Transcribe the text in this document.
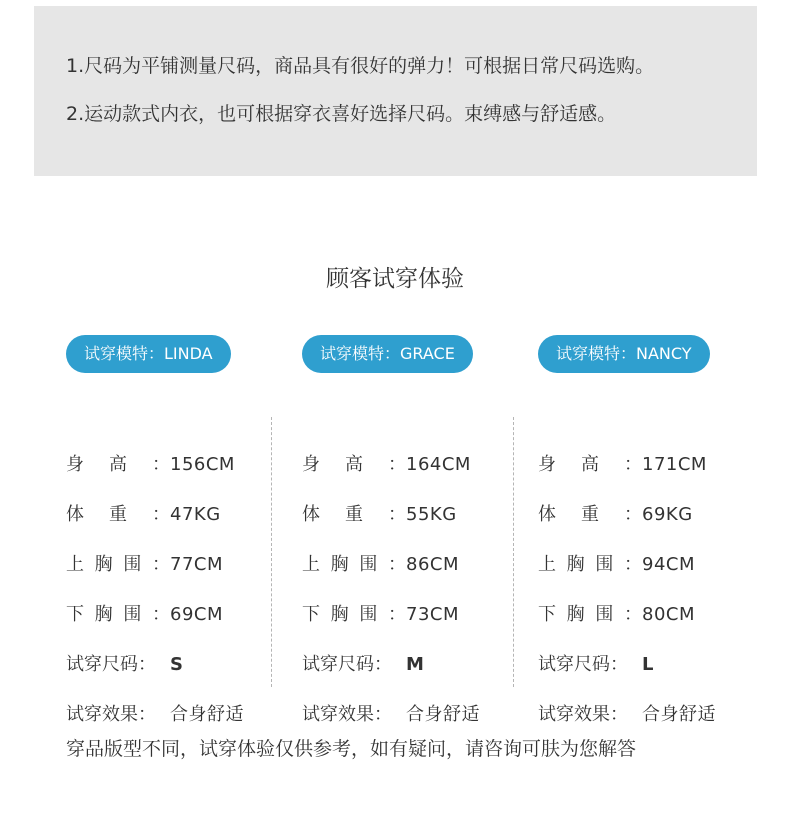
1.尺码为平铺测量尺码，商品具有很好的弹力！可根据日常尺码选购。
2.运动款式内衣，也可根据穿衣喜好选择尺码。束缚感与舒适感。
顾客试穿体验
试穿模特：LINDA
身高： 156CM
体重： 47KG
上胸围： 77CM
下胸围： 69CM
试穿尺码： S
试穿效果： 合身舒适
试穿模特：GRACE
身高： 164CM
体重： 55KG
上胸围： 86CM
下胸围： 73CM
试穿尺码： M
试穿效果： 合身舒适
试穿模特：NANCY
身高： 171CM
体重： 69KG
上胸围： 94CM
下胸围： 80CM
试穿尺码： L
试穿效果： 合身舒适
穿品版型不同，试穿体验仅供参考，如有疑问，请咨询可肤为您解答
